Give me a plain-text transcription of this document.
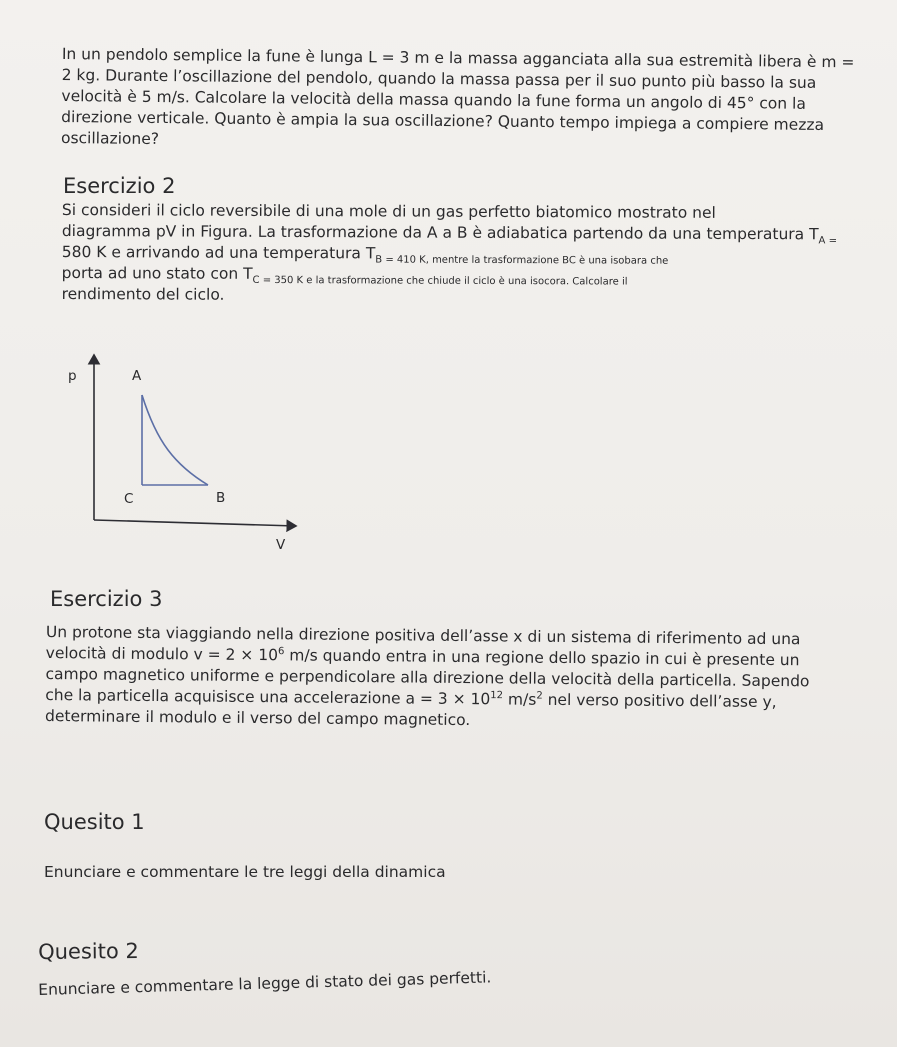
In un pendolo semplice la fune è lunga L = 3 m e la massa agganciata alla sua estremità libera è m =
2 kg. Durante l’oscillazione del pendolo, quando la massa passa per il suo punto più basso la sua
velocità è 5 m/s. Calcolare la velocità della massa quando la fune forma un angolo di 45° con la
direzione verticale. Quanto è ampia la sua oscillazione? Quanto tempo impiega a compiere mezza
oscillazione?
Esercizio 2
Si consideri il ciclo reversibile di una mole di un gas perfetto biatomico mostrato nel
diagramma pV in Figura. La trasformazione da A a B è adiabatica partendo da una temperatura $T_{A =}$
580 K e arrivando ad una temperatura $T_{B = 410 K, mentre la trasformazione BC è una isobara che}$
porta ad uno stato con $T_{C = 350 K e la trasformazione che chiude il ciclo è una isocora. Calcolare il}$
rendimento del ciclo.
p	A
C	B
V
Esercizio 3
Un protone sta viaggiando nella direzione positiva dell’asse x di un sistema di riferimento ad una
velocità di modulo $v = 2 \times 10^6$ m/s quando entra in una regione dello spazio in cui è presente un
campo magnetico uniforme e perpendicolare alla direzione della velocità della particella. Sapendo
che la particella acquisisce una accelerazione $a = 3 \times 10^{12}$ $m/s^2$ nel verso positivo dell’asse y,
determinare il modulo e il verso del campo magnetico.
Quesito 1
Enunciare e commentare le tre leggi della dinamica
Quesito 2
Enunciare e commentare la legge di stato dei gas perfetti.
